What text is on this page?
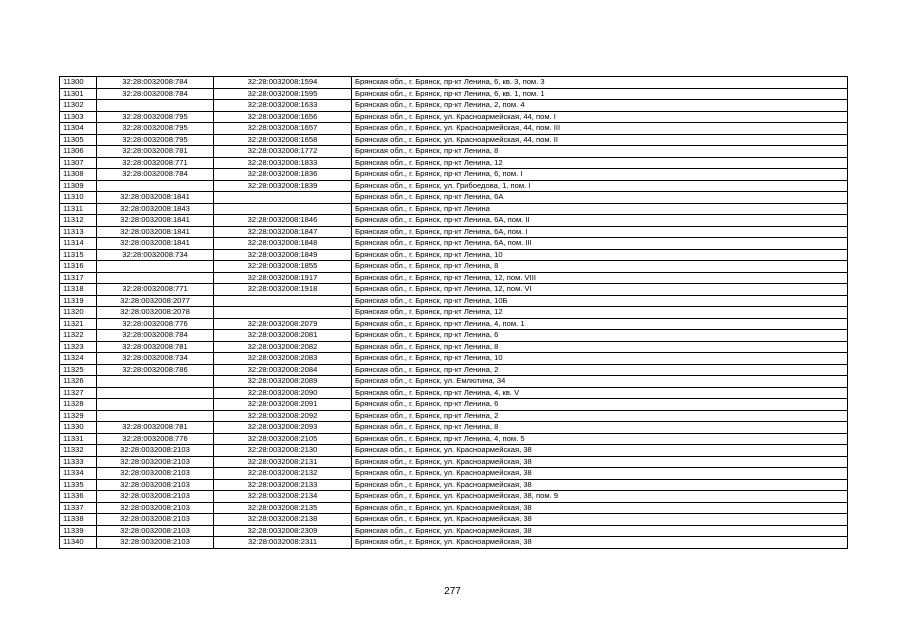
11300	32:28:0032008:784	32:28:0032008:1594	Брянская обл., г. Брянск, пр-кт Ленина, 6, кв. 3, пом. 3
11301	32:28:0032008:784	32:28:0032008:1595	Брянская обл., г. Брянск, пр-кт Ленина, 6, кв. 1, пом. 1
11302		32:28:0032008:1633	Брянская обл., г. Брянск, пр-кт Ленина, 2, пом. 4
11303	32:28:0032008:795	32:28:0032008:1656	Брянская обл., г. Брянск, ул. Красноармейская, 44, пом. I
11304	32:28:0032008:795	32:28:0032008:1657	Брянская обл., г. Брянск, ул. Красноармейская, 44, пом. III
11305	32:28:0032008:795	32:28:0032008:1658	Брянская обл., г. Брянск, ул. Красноармейская, 44, пом. II
11306	32:28:0032008:781	32:28:0032008:1772	Брянская обл., г. Брянск, пр-кт Ленина, 8
11307	32:28:0032008:771	32:28:0032008:1833	Брянская обл., г. Брянск, пр-кт Ленина, 12
11308	32:28:0032008:784	32:28:0032008:1836	Брянская обл., г. Брянск, пр-кт Ленина, 6, пом. I
11309		32:28:0032008:1839	Брянская обл., г. Брянск, ул. Грибоедова, 1, пом. I
11310	32:28:0032008:1841		Брянская обл., г. Брянск, пр-кт Ленина, 6А
11311	32:28:0032008:1843		Брянская обл., г. Брянск, пр-кт Ленина
11312	32:28:0032008:1841	32:28:0032008:1846	Брянская обл., г. Брянск, пр-кт Ленина, 6А, пом. II
11313	32:28:0032008:1841	32:28:0032008:1847	Брянская обл., г. Брянск, пр-кт Ленина, 6А, пом. I
11314	32:28:0032008:1841	32:28:0032008:1848	Брянская обл., г. Брянск, пр-кт Ленина, 6А, пом. III
11315	32:28:0032008:734	32:28:0032008:1849	Брянская обл., г. Брянск, пр-кт Ленина, 10
11316		32:28:0032008:1855	Брянская обл., г. Брянск, пр-кт Ленина, 8
11317		32:28:0032008:1917	Брянская обл., г. Брянск, пр-кт Ленина, 12, пом. VIII
11318	32:28:0032008:771	32:28:0032008:1918	Брянская обл., г. Брянск, пр-кт Ленина, 12, пом. VI
11319	32:28:0032008:2077		Брянская обл., г. Брянск, пр-кт Ленина, 10Б
11320	32:28:0032008:2078		Брянская обл., г. Брянск, пр-кт Ленина, 12
11321	32:28:0032008:776	32:28:0032008:2079	Брянская обл., г. Брянск, пр-кт Ленина, 4, пом. 1
11322	32:28:0032008:784	32:28:0032008:2081	Брянская обл., г. Брянск, пр-кт Ленина, 6
11323	32:28:0032008:781	32:28:0032008:2082	Брянская обл., г. Брянск, пр-кт Ленина, 8
11324	32:28:0032008:734	32:28:0032008:2083	Брянская обл., г. Брянск, пр-кт Ленина, 10
11325	32:28:0032008:786	32:28:0032008:2084	Брянская обл., г. Брянск, пр-кт Ленина, 2
11326		32:28:0032008:2089	Брянская обл., г. Брянск, ул. Емлютина, 34
11327		32:28:0032008:2090	Брянская обл., г. Брянск, пр-кт Ленина, 4, кв. V
11328		32:28:0032008:2091	Брянская обл., г. Брянск, пр-кт Ленина, 6
11329		32:28:0032008:2092	Брянская обл., г. Брянск, пр-кт Ленина, 2
11330	32:28:0032008:781	32:28:0032008:2093	Брянская обл., г. Брянск, пр-кт Ленина, 8
11331	32:28:0032008:776	32:28:0032008:2105	Брянская обл., г. Брянск, пр-кт Ленина, 4, пом. 5
11332	32:28:0032008:2103	32:28:0032008:2130	Брянская обл., г. Брянск, ул. Красноармейская, 38
11333	32:28:0032008:2103	32:28:0032008:2131	Брянская обл., г. Брянск, ул. Красноармейская, 38
11334	32:28:0032008:2103	32:28:0032008:2132	Брянская обл., г. Брянск, ул. Красноармейская, 38
11335	32:28:0032008:2103	32:28:0032008:2133	Брянская обл., г. Брянск, ул. Красноармейская, 38
11336	32:28:0032008:2103	32:28:0032008:2134	Брянская обл., г. Брянск, ул. Красноармейская, 38, пом. 9
11337	32:28:0032008:2103	32:28:0032008:2135	Брянская обл., г. Брянск, ул. Красноармейская, 38
11338	32:28:0032008:2103	32:28:0032008:2138	Брянская обл., г. Брянск, ул. Красноармейская, 38
11339	32:28:0032008:2103	32:28:0032008:2309	Брянская обл., г. Брянск, ул. Красноармейская, 38
11340	32:28:0032008:2103	32:28:0032008:2311	Брянская обл., г. Брянск, ул. Красноармейская, 38
277
